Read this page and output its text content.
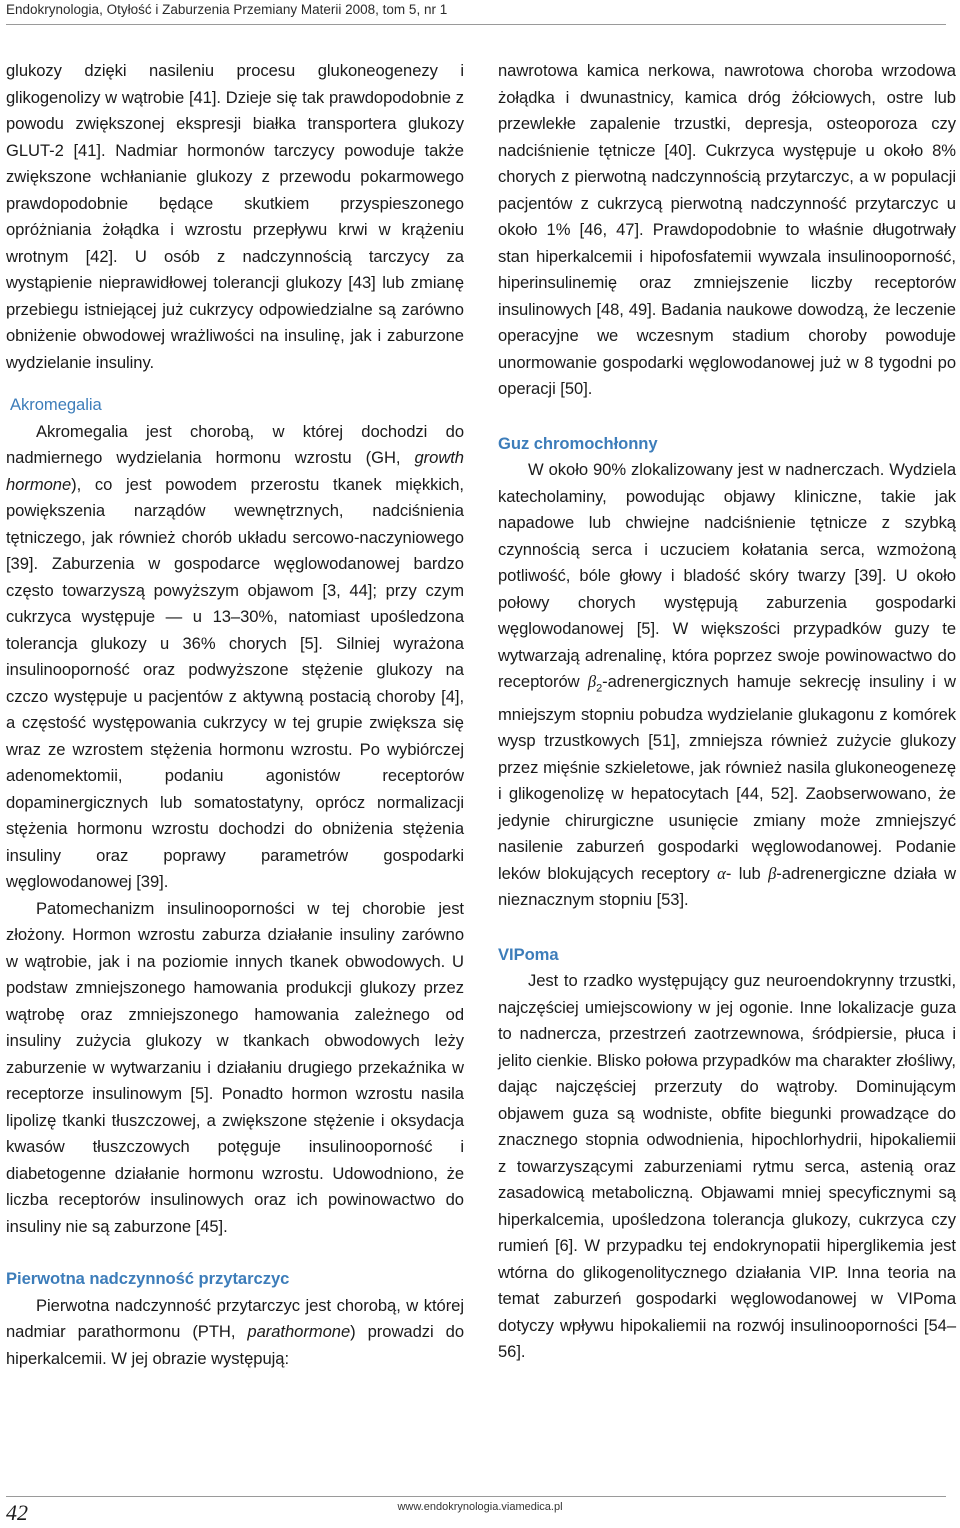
Endokrynologia, Otyłość i Zaburzenia Przemiany Materii 2008, tom 5, nr 1

glukozy dzięki nasileniu procesu glukoneogenezy i glikogenolizy w wątrobie [41]. Dzieje się tak prawdopodobnie z powodu zwiększonej ekspresji białka transportera glukozy GLUT-2 [41]. Nadmiar hormonów tarczycy powoduje także zwiększone wchłanianie glukozy z przewodu pokarmowego prawdopodobnie będące skutkiem przyspieszonego opróżniania żołądka i wzrostu przepływu krwi w krążeniu wrotnym [42]. U osób z nadczynnością tarczycy za wystąpienie nieprawidłowej tolerancji glukozy [43] lub zmianę przebiegu istniejącej już cukrzycy odpowiedzialne są zarówno obniżenie obwodowej wrażliwości na insulinę, jak i zaburzone wydzielanie insuliny.

Akromegalia

Akromegalia jest chorobą, w której dochodzi do nadmiernego wydzielania hormonu wzrostu (GH, growth hormone), co jest powodem przerostu tkanek miękkich, powiększenia narządów wewnętrznych, nadciśnienia tętniczego, jak również chorób układu sercowo-naczyniowego [39]. Zaburzenia w gospodarce węglowodanowej bardzo często towarzyszą powyższym objawom [3, 44]; przy czym cukrzyca występuje — u 13–30%, natomiast upośledzona tolerancja glukozy u 36% chorych [5]. Silniej wyrażona insulinooporność oraz podwyższone stężenie glukozy na czczo występuje u pacjentów z aktywną postacią choroby [4], a częstość występowania cukrzycy w tej grupie zwiększa się wraz ze wzrostem stężenia hormonu wzrostu. Po wybiórczej adenomektomii, podaniu agonistów receptorów dopaminergicznych lub somatostatyny, oprócz normalizacji stężenia hormonu wzrostu dochodzi do obniżenia stężenia insuliny oraz poprawy parametrów gospodarki węglowodanowej [39].

Patomechanizm insulinooporności w tej chorobie jest złożony. Hormon wzrostu zaburza działanie insuliny zarówno w wątrobie, jak i na poziomie innych tkanek obwodowych. U podstaw zmniejszonego hamowania produkcji glukozy przez wątrobę oraz zmniejszonego hamowania zależnego od insuliny zużycia glukozy w tkankach obwodowych leży zaburzenie w wytwarzaniu i działaniu drugiego przekaźnika w receptorze insulinowym [5]. Ponadto hormon wzrostu nasila lipolizę tkanki tłuszczowej, a zwiększone stężenie i oksydacja kwasów tłuszczowych potęguje insulinooporność i diabetogenne działanie hormonu wzrostu. Udowodniono, że liczba receptorów insulinowych oraz ich powinowactwo do insuliny nie są zaburzone [45].

Pierwotna nadczynność przytarczyc

Pierwotna nadczynność przytarczyc jest chorobą, w której nadmiar parathormonu (PTH, parathormone) prowadzi do hiperkalcemii. W jej obrazie występują:

nawrotowa kamica nerkowa, nawrotowa choroba wrzodowa żołądka i dwunastnicy, kamica dróg żółciowych, ostre lub przewlekłe zapalenie trzustki, depresja, osteoporoza czy nadciśnienie tętnicze [40]. Cukrzyca występuje u około 8% chorych z pierwotną nadczynnością przytarczyc, a w populacji pacjentów z cukrzycą pierwotną nadczynność przytarczyc u około 1% [46, 47]. Prawdopodobnie to właśnie długotrwały stan hiperkalcemii i hipofosfatemii wywzala insulinooporność, hiperinsulinemię oraz zmniejszenie liczby receptorów insulinowych [48, 49]. Badania naukowe dowodzą, że leczenie operacyjne we wczesnym stadium choroby powoduje unormowanie gospodarki węglowodanowej już w 8 tygodni po operacji [50].

Guz chromochłonny

W około 90% zlokalizowany jest w nadnerczach. Wydziela katecholaminy, powodując objawy kliniczne, takie jak napadowe lub chwiejne nadciśnienie tętnicze z szybką czynnością serca i uczuciem kołatania serca, wzmożoną potliwość, bóle głowy i bladość skóry twarzy [39]. U około połowy chorych występują zaburzenia gospodarki węglowodanowej [5]. W większości przypadków guzy te wytwarzają adrenalinę, która poprzez swoje powinowactwo do receptorów $\beta_2$-adrenergicznych hamuje sekrecję insuliny i w mniejszym stopniu pobudza wydzielanie glukagonu z komórek wysp trzustkowych [51], zmniejsza również zużycie glukozy przez mięśnie szkieletowe, jak również nasila glukoneogenezę i glikogenolizę w hepatocytach [44, 52]. Zaobserwowano, że jedynie chirurgiczne usunięcie zmiany może zmniejszyć nasilenie zaburzeń gospodarki węglowodanowej. Podanie leków blokujących receptory α- lub β-adrenergiczne działa w nieznacznym stopniu [53].

VIPoma

Jest to rzadko występujący guz neuroendokrynny trzustki, najczęściej umiejscowiony w jej ogonie. Inne lokalizacje guza to nadnercza, przestrzeń zaotrzewnowa, śródpiersie, płuca i jelito cienkie. Blisko połowa przypadków ma charakter złośliwy, dając najczęściej przerzuty do wątroby. Dominującym objawem guza są wodniste, obfite biegunki prowadzące do znacznego stopnia odwodnienia, hipochlorhydrii, hipokaliemii z towarzyszącymi zaburzeniami rytmu serca, astenią oraz zasadowicą metaboliczną. Objawami mniej specyficznymi są hiperkalcemia, upośledzona tolerancja glukozy, cukrzyca czy rumień [6]. W przypadku tej endokrynopatii hiperglikemia jest wtórna do glikogenolitycznego działania VIP. Inna teoria na temat zaburzeń gospodarki węglowodanowej w VIPoma dotyczy wpływu hipokaliemii na rozwój insulinooporności [54–56].

42	www.endokrynologia.viamedica.pl
